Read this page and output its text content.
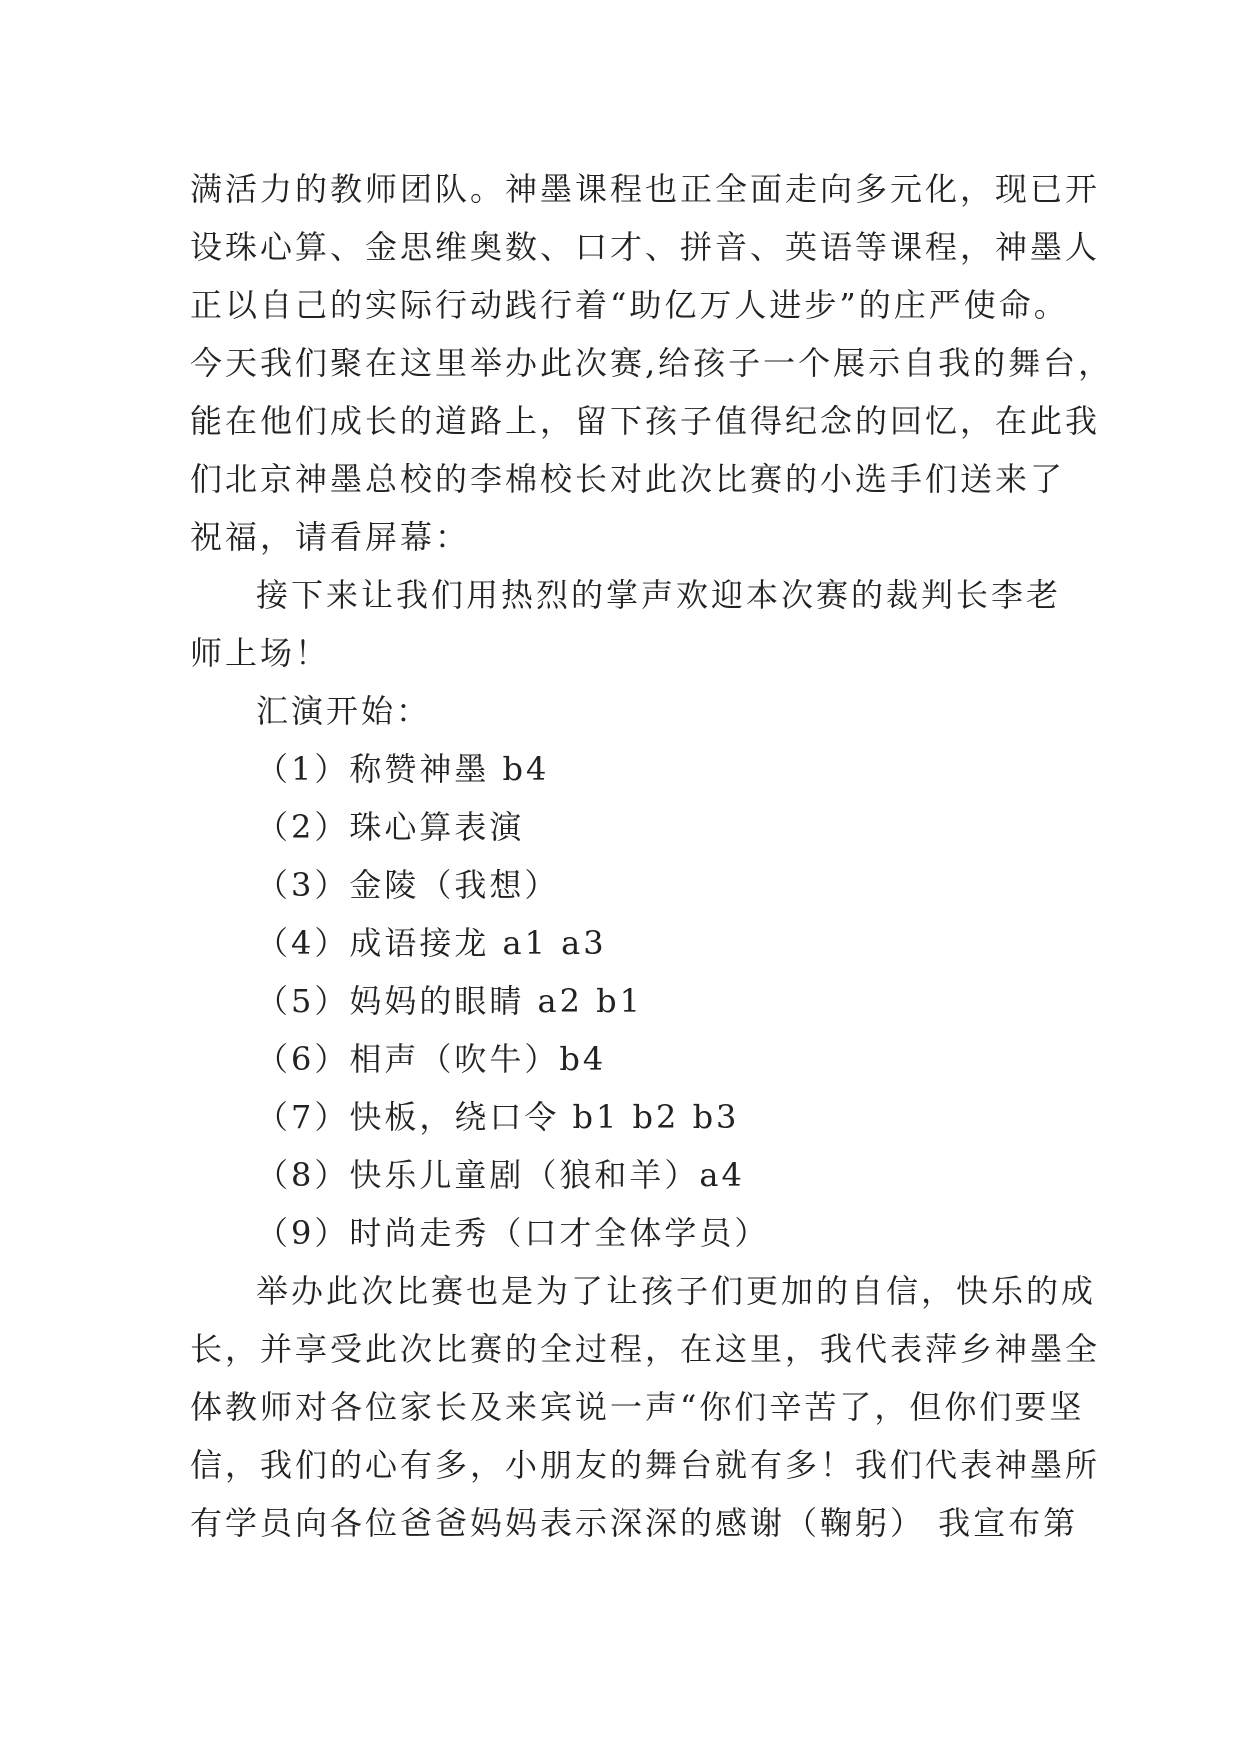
满活力的教师团队。神墨课程也正全面走向多元化，现已开
设珠心算、金思维奥数、口才、拼音、英语等课程，神墨人
正以自己的实际行动践行着“助亿万人进步”的庄严使命。
今天我们聚在这里举办此次赛,给孩子一个展示自我的舞台，
能在他们成长的道路上，留下孩子值得纪念的回忆，在此我
们北京神墨总校的李棉校长对此次比赛的小选手们送来了
祝福，请看屏幕：
接下来让我们用热烈的掌声欢迎本次赛的裁判长李老
师上场！
汇演开始：
（1）称赞神墨 b4
（2）珠心算表演
（3）金陵（我想）
（4）成语接龙 a1 a3
（5）妈妈的眼睛 a2 b1
（6）相声（吹牛）b4
（7）快板，绕口令 b1 b2 b3
（8）快乐儿童剧（狼和羊）a4
（9）时尚走秀（口才全体学员）
举办此次比赛也是为了让孩子们更加的自信，快乐的成
长，并享受此次比赛的全过程，在这里，我代表萍乡神墨全
体教师对各位家长及来宾说一声“你们辛苦了，但你们要坚
信，我们的心有多，小朋友的舞台就有多！我们代表神墨所
有学员向各位爸爸妈妈表示深深的感谢（鞠躬） 我宣布第
